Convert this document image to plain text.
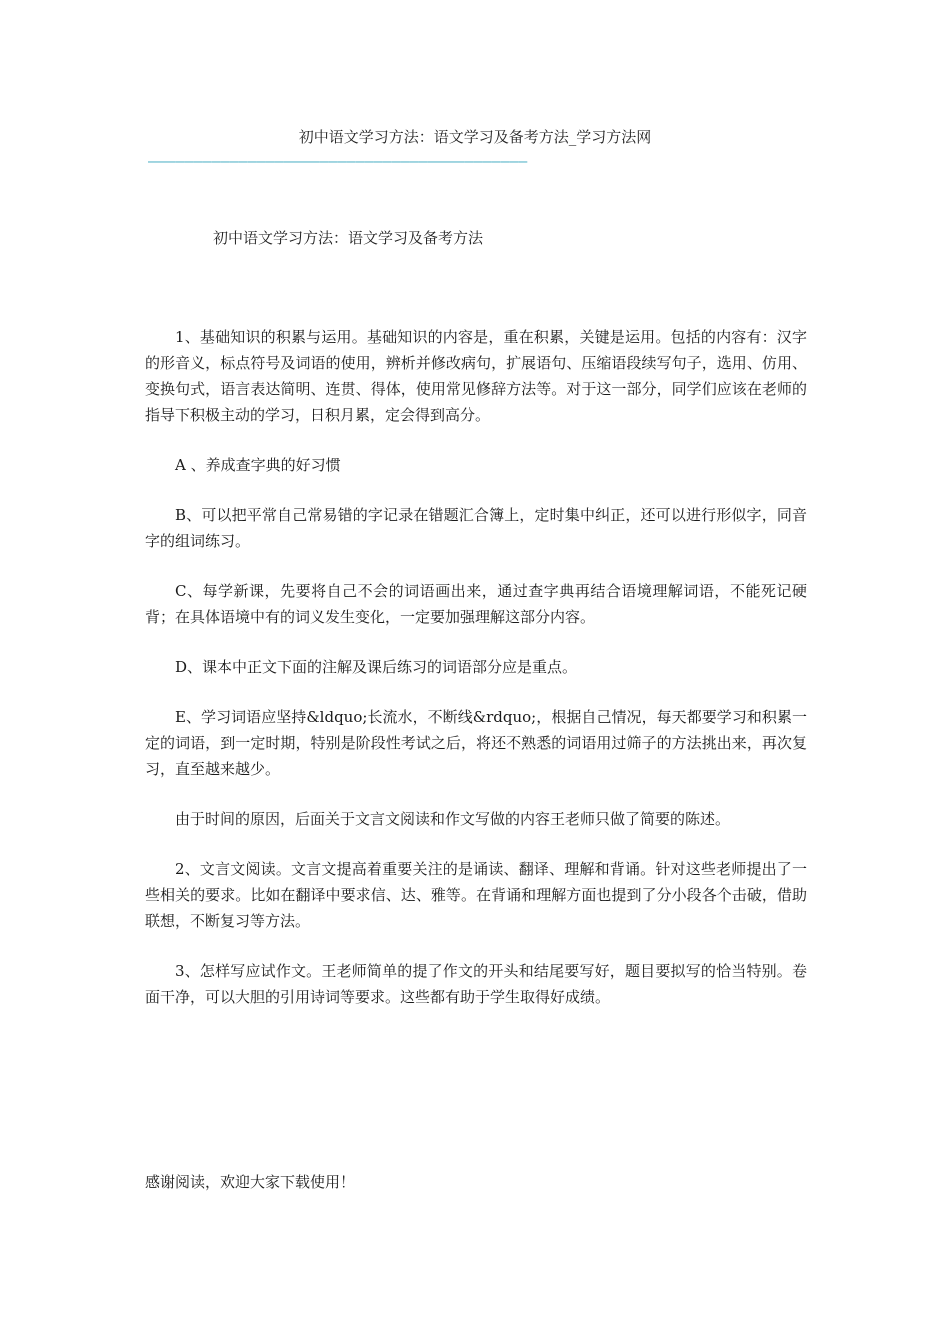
初中语文学习方法：语文学习及备考方法_学习方法网
——————————————————————————————————————————
初中语文学习方法：语文学习及备考方法

1、基础知识的积累与运用。基础知识的内容是，重在积累，关键是运用。包括的内容有：汉字的形音义，标点符号及词语的使用，辨析并修改病句，扩展语句、压缩语段续写句子，选用、仿用、变换句式，语言表达简明、连贯、得体，使用常见修辞方法等。对于这一部分，同学们应该在老师的指导下积极主动的学习，日积月累，定会得到高分。

A 、养成查字典的好习惯

B、可以把平常自己常易错的字记录在错题汇合簿上，定时集中纠正，还可以进行形似字，同音字的组词练习。

C、每学新课，先要将自己不会的词语画出来，通过查字典再结合语境理解词语，不能死记硬背；在具体语境中有的词义发生变化，一定要加强理解这部分内容。

D、课本中正文下面的注解及课后练习的词语部分应是重点。

E、学习词语应坚持&ldquo;长流水，不断线&rdquo;，根据自己情况，每天都要学习和积累一定的词语，到一定时期，特别是阶段性考试之后，将还不熟悉的词语用过筛子的方法挑出来，再次复习，直至越来越少。

由于时间的原因，后面关于文言文阅读和作文写做的内容王老师只做了简要的陈述。

2、文言文阅读。文言文提高着重要关注的是诵读、翻译、理解和背诵。针对这些老师提出了一些相关的要求。比如在翻译中要求信、达、雅等。在背诵和理解方面也提到了分小段各个击破，借助联想，不断复习等方法。

3、怎样写应试作文。王老师简单的提了作文的开头和结尾要写好，题目要拟写的恰当特别。卷面干净，可以大胆的引用诗词等要求。这些都有助于学生取得好成绩。

感谢阅读，欢迎大家下载使用！
